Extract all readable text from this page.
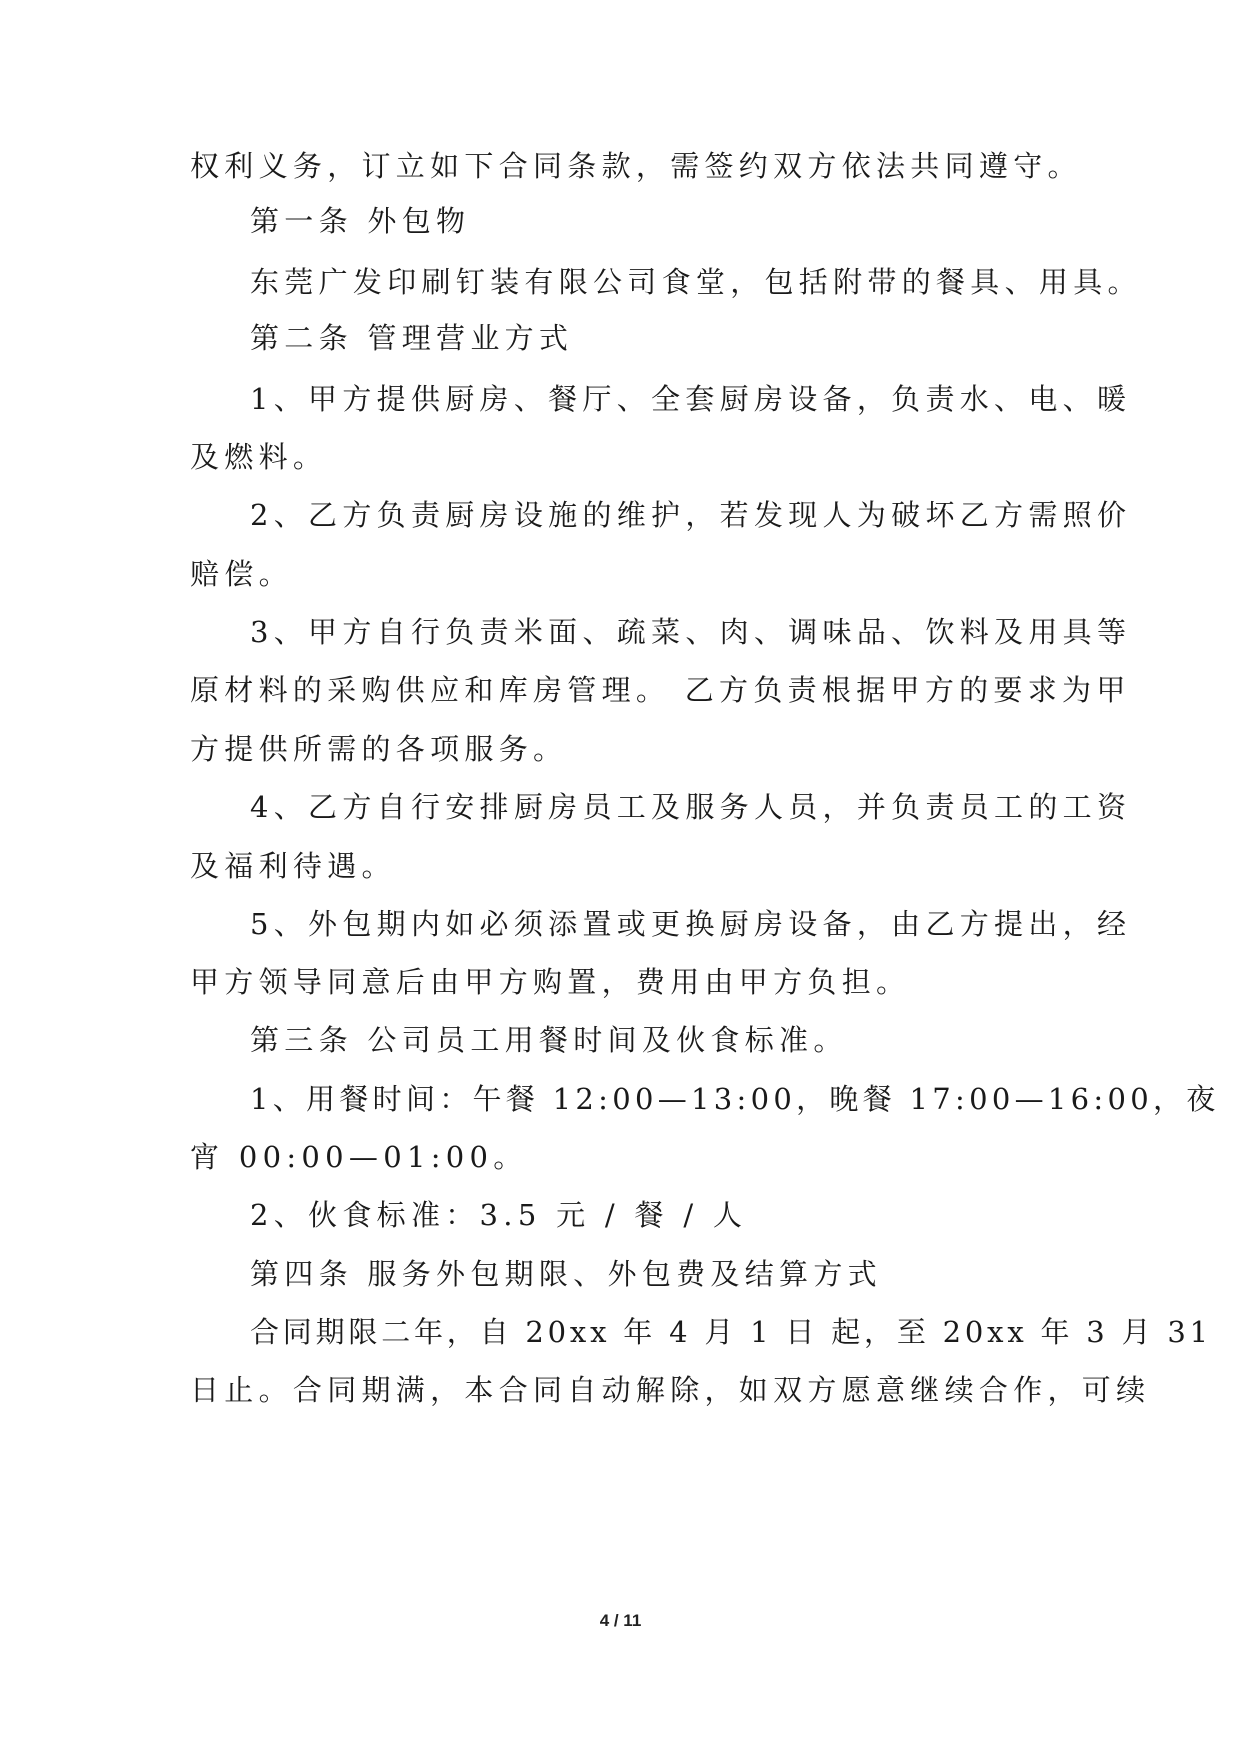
权利义务，订立如下合同条款，需签约双方依法共同遵守。
第一条 外包物
东莞广发印刷钉装有限公司食堂，包括附带的餐具、用具。
第二条 管理营业方式
1、甲方提供厨房、餐厅、全套厨房设备，负责水、电、暖
及燃料。
2、乙方负责厨房设施的维护，若发现人为破坏乙方需照价
赔偿。
3、甲方自行负责米面、疏菜、肉、调味品、饮料及用具等
原材料的采购供应和库房管理。 乙方负责根据甲方的要求为甲
方提供所需的各项服务。
4、乙方自行安排厨房员工及服务人员，并负责员工的工资
及福利待遇。
5、外包期内如必须添置或更换厨房设备，由乙方提出，经
甲方领导同意后由甲方购置，费用由甲方负担。
第三条 公司员工用餐时间及伙食标准。
1、用餐时间：午餐 12:00—13:00，晚餐 17:00—16:00，夜
宵 00:00—01:00。
2、伙食标准：3.5 元 / 餐 / 人
第四条 服务外包期限、外包费及结算方式
合同期限二年，自 20xx 年 4 月 1 日 起，至 20xx 年 3 月 31
日止。合同期满，本合同自动解除，如双方愿意继续合作，可续
4 / 11
